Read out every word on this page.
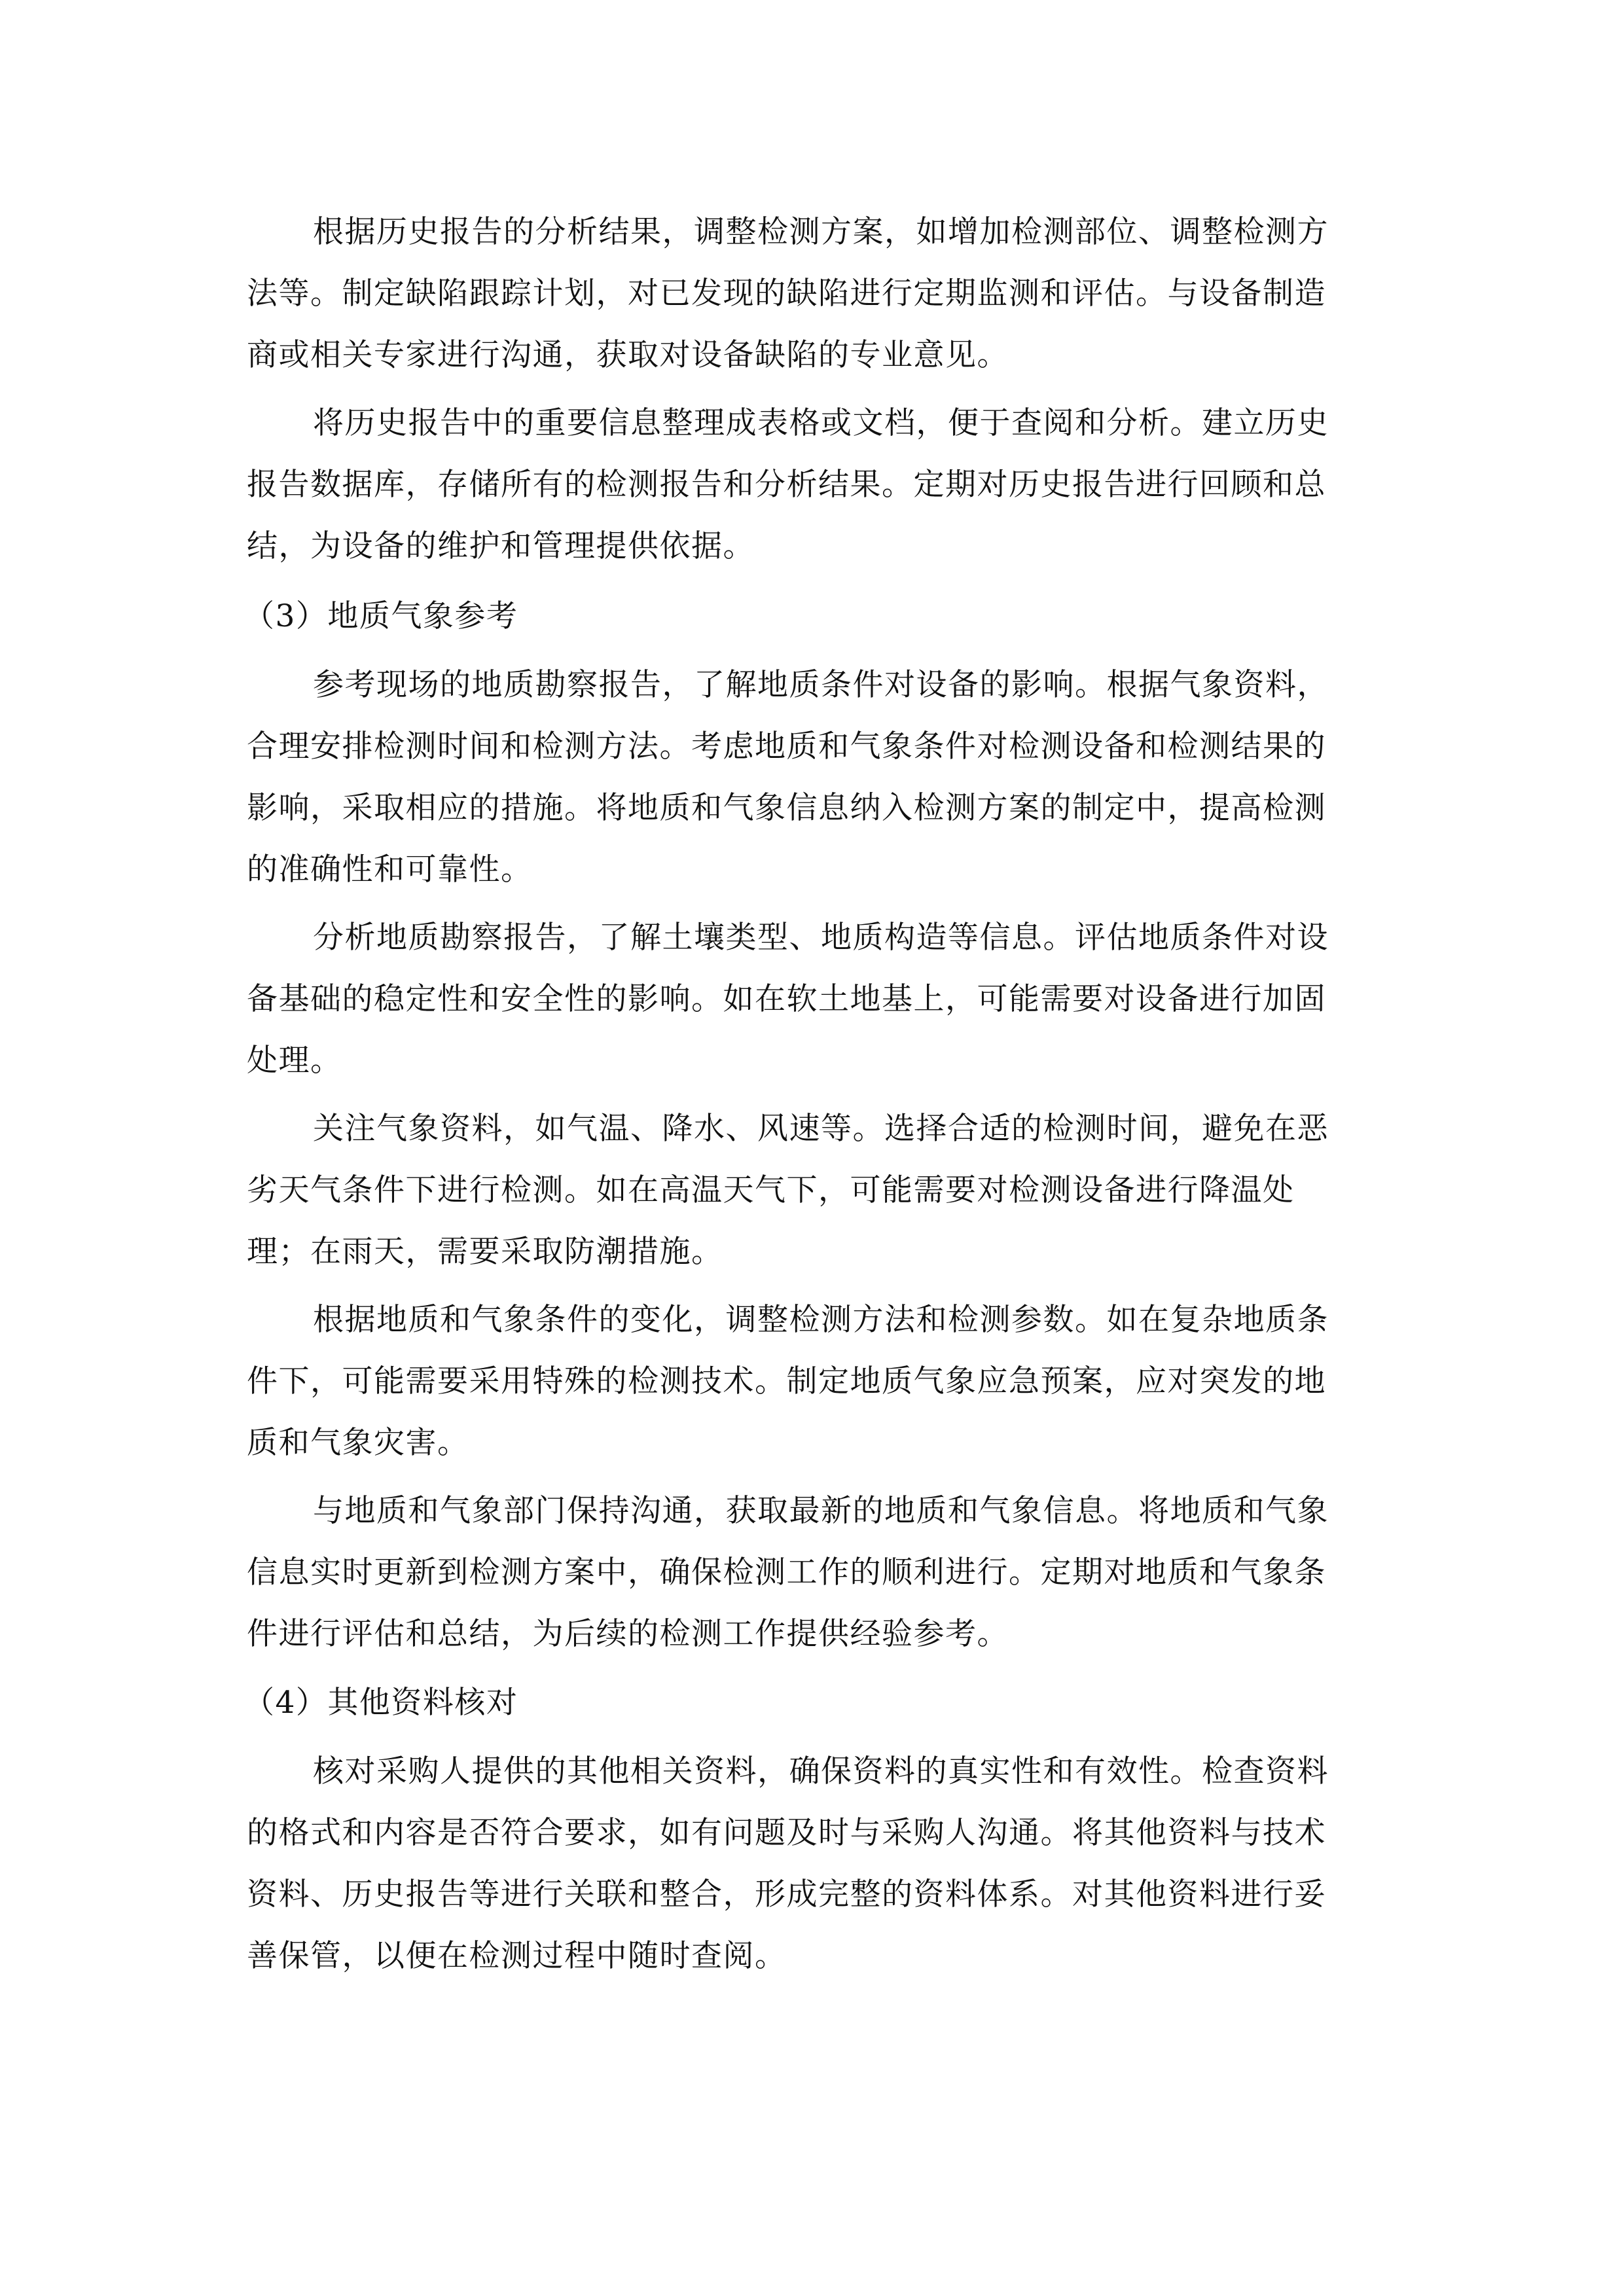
根据历史报告的分析结果，调整检测方案，如增加检测部位、调整检测方

法等。制定缺陷跟踪计划，对已发现的缺陷进行定期监测和评估。与设备制造

商或相关专家进行沟通，获取对设备缺陷的专业意见。

将历史报告中的重要信息整理成表格或文档，便于查阅和分析。建立历史

报告数据库，存储所有的检测报告和分析结果。定期对历史报告进行回顾和总

结，为设备的维护和管理提供依据。

（3）地质气象参考

参考现场的地质勘察报告，了解地质条件对设备的影响。根据气象资料，

合理安排检测时间和检测方法。考虑地质和气象条件对检测设备和检测结果的

影响，采取相应的措施。将地质和气象信息纳入检测方案的制定中，提高检测

的准确性和可靠性。

分析地质勘察报告，了解土壤类型、地质构造等信息。评估地质条件对设

备基础的稳定性和安全性的影响。如在软土地基上，可能需要对设备进行加固

处理。

关注气象资料，如气温、降水、风速等。选择合适的检测时间，避免在恶

劣天气条件下进行检测。如在高温天气下，可能需要对检测设备进行降温处

理；在雨天，需要采取防潮措施。

根据地质和气象条件的变化，调整检测方法和检测参数。如在复杂地质条

件下，可能需要采用特殊的检测技术。制定地质气象应急预案，应对突发的地

质和气象灾害。

与地质和气象部门保持沟通，获取最新的地质和气象信息。将地质和气象

信息实时更新到检测方案中，确保检测工作的顺利进行。定期对地质和气象条

件进行评估和总结，为后续的检测工作提供经验参考。

（4）其他资料核对

核对采购人提供的其他相关资料，确保资料的真实性和有效性。检查资料

的格式和内容是否符合要求，如有问题及时与采购人沟通。将其他资料与技术

资料、历史报告等进行关联和整合，形成完整的资料体系。对其他资料进行妥

善保管，以便在检测过程中随时查阅。
